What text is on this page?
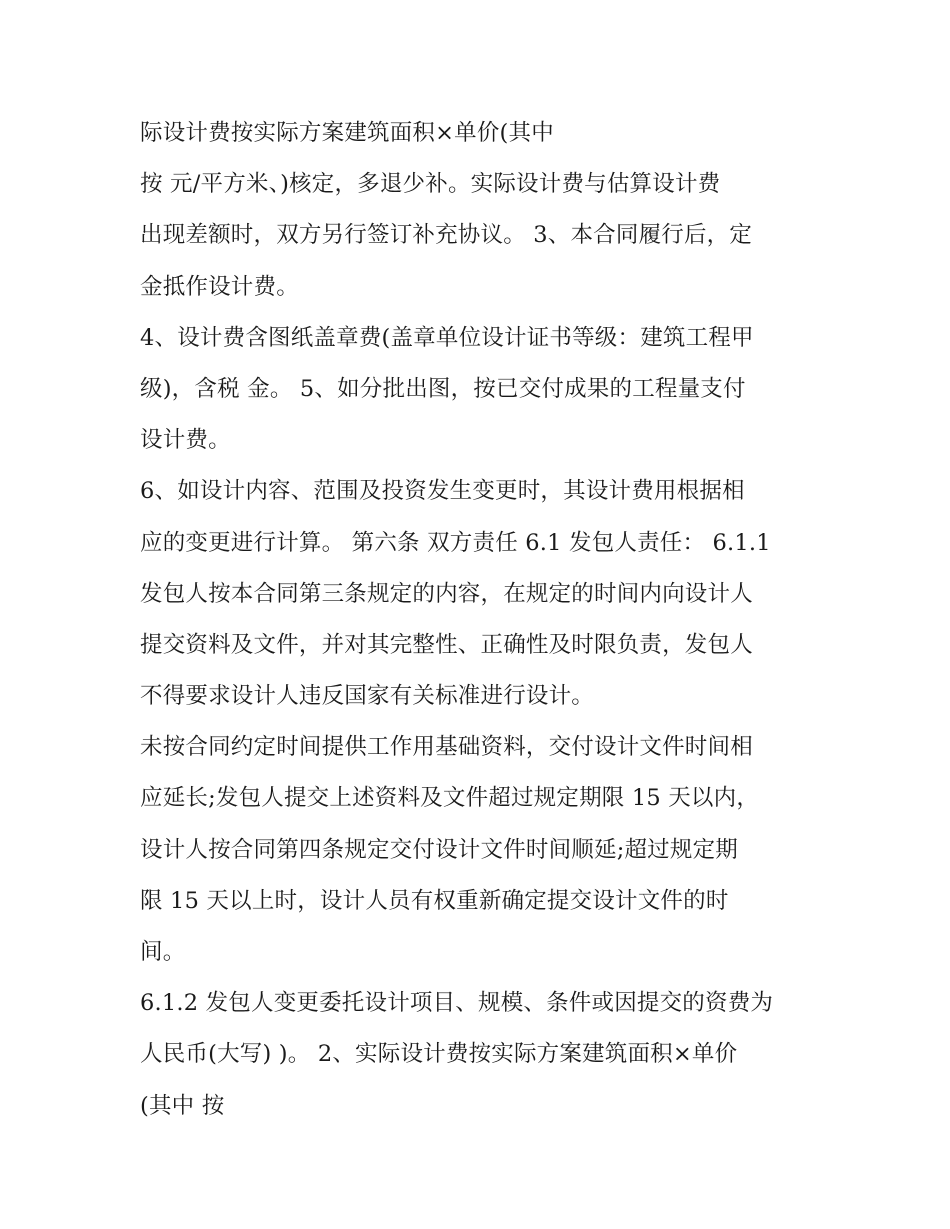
际设计费按实际方案建筑面积×单价(其中
按 元/平方米、)核定，多退少补。实际设计费与估算设计费
出现差额时，双方另行签订补充协议。 3、本合同履行后，定
金抵作设计费。
4、设计费含图纸盖章费(盖章单位设计证书等级：建筑工程甲
级)，含税 金。 5、如分批出图，按已交付成果的工程量支付
设计费。
6、如设计内容、范围及投资发生变更时，其设计费用根据相
应的变更进行计算。 第六条 双方责任 6.1 发包人责任： 6.1.1
发包人按本合同第三条规定的内容，在规定的时间内向设计人
提交资料及文件，并对其完整性、正确性及时限负责，发包人
不得要求设计人违反国家有关标准进行设计。
未按合同约定时间提供工作用基础资料，交付设计文件时间相
应延长;发包人提交上述资料及文件超过规定期限 15 天以内，
设计人按合同第四条规定交付设计文件时间顺延;超过规定期
限 15 天以上时，设计人员有权重新确定提交设计文件的时
间。
6.1.2 发包人变更委托设计项目、规模、条件或因提交的资费为
人民币(大写) )。 2、实际设计费按实际方案建筑面积×单价
(其中 按
